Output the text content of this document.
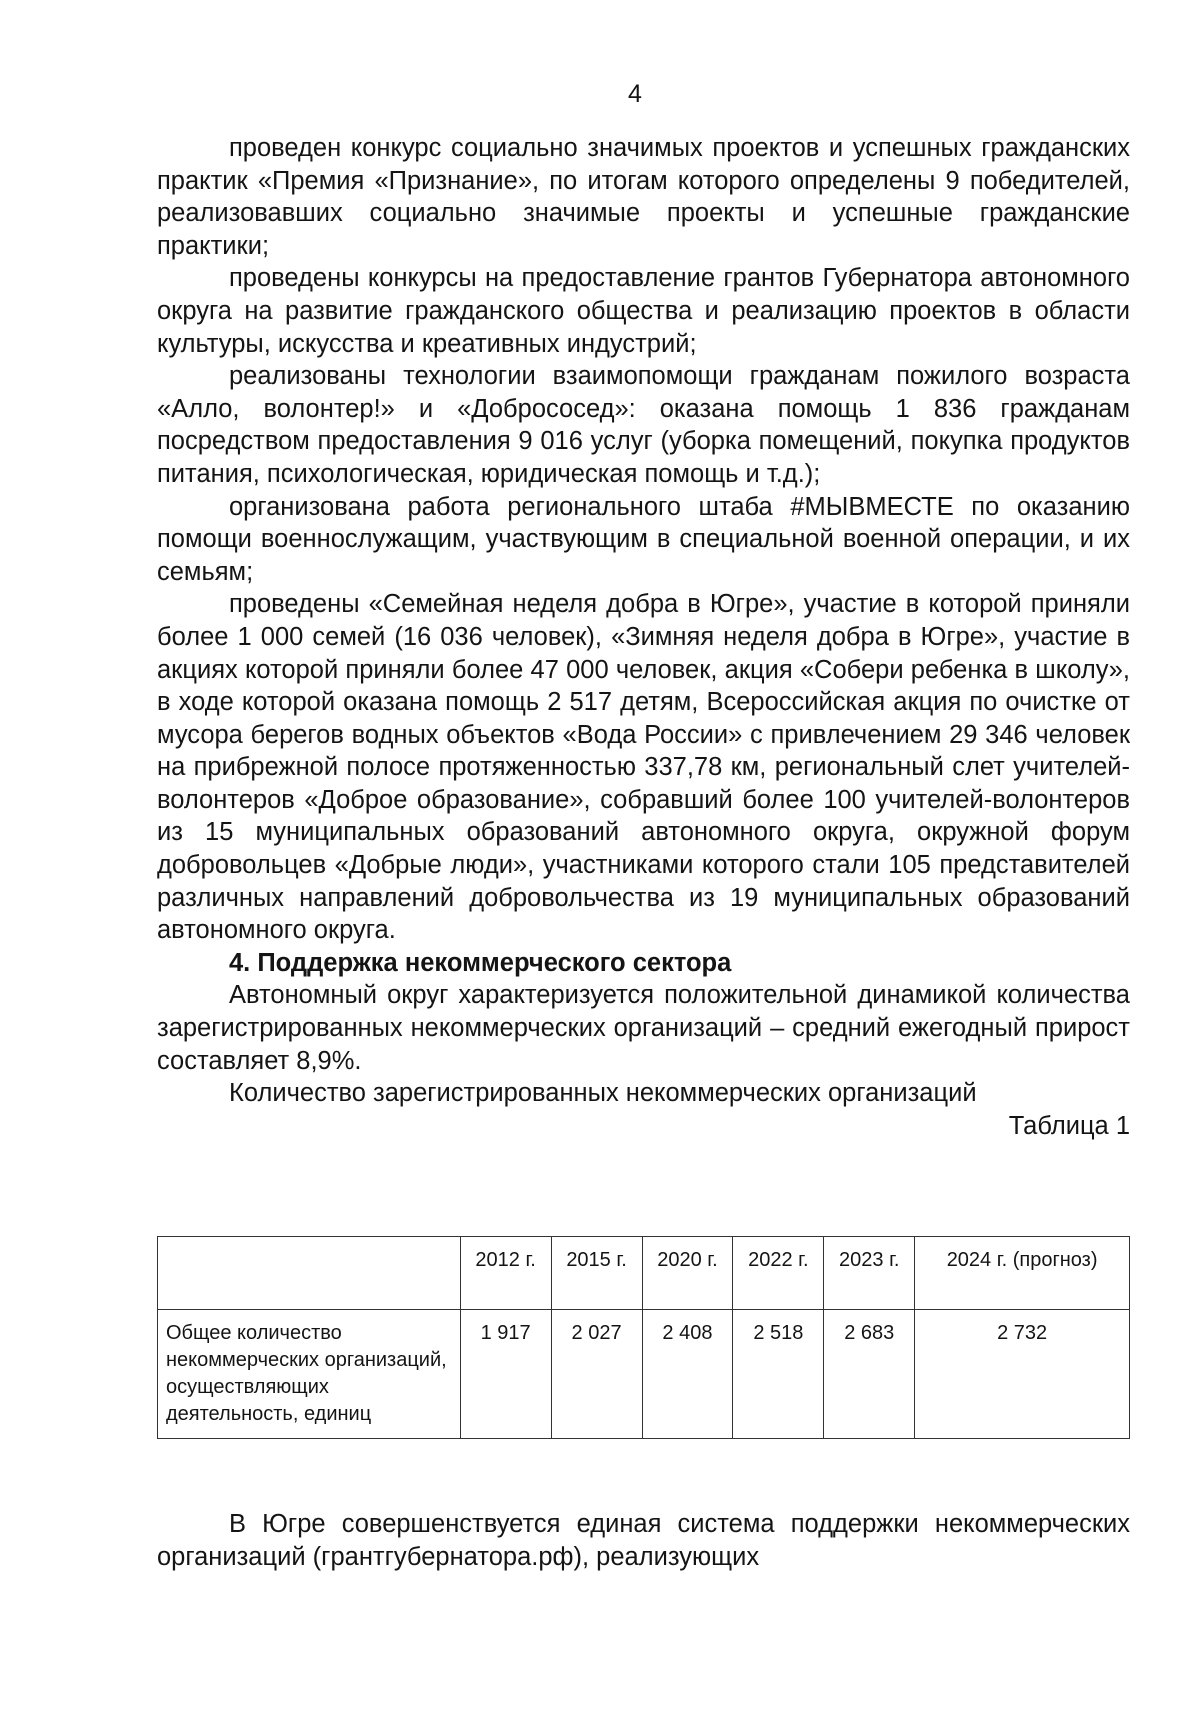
4

проведен конкурс социально значимых проектов и успешных гражданских практик «Премия «Признание», по итогам которого определены 9 победителей, реализовавших социально значимые проекты и успешные гражданские практики;

проведены конкурсы на предоставление грантов Губернатора автономного округа на развитие гражданского общества и реализацию проектов в области культуры, искусства и креативных индустрий;

реализованы технологии взаимопомощи гражданам пожилого возраста «Алло, волонтер!» и «Добрососед»: оказана помощь 1 836 гражданам посредством предоставления 9 016 услуг (уборка помещений, покупка продуктов питания, психологическая, юридическая помощь и т.д.);

организована работа регионального штаба #МЫВМЕСТЕ по оказанию помощи военнослужащим, участвующим в специальной военной операции, и их семьям;

проведены «Семейная неделя добра в Югре», участие в которой приняли более 1 000 семей (16 036 человек), «Зимняя неделя добра в Югре», участие в акциях которой приняли более 47 000 человек, акция «Собери ребенка в школу», в ходе которой оказана помощь 2 517 детям, Всероссийская акция по очистке от мусора берегов водных объектов «Вода России» с привлечением 29 346 человек на прибрежной полосе протяженностью 337,78 км, региональный слет учителей-волонтеров «Доброе образование», собравший более 100 учителей-волонтеров из 15 муниципальных образований автономного округа, окружной форум добровольцев «Добрые люди», участниками которого стали 105 представителей различных направлений добровольчества из 19 муниципальных образований автономного округа.

4. Поддержка некоммерческого сектора

Автономный округ характеризуется положительной динамикой количества зарегистрированных некоммерческих организаций – средний ежегодный прирост составляет 8,9%.

Количество зарегистрированных некоммерческих организаций

Таблица 1

	2012 г.	2015 г.	2020 г.	2022 г.	2023 г.	2024 г. (прогноз)
Общее количество некоммерческих организаций, осуществляющих деятельность, единиц	1 917	2 027	2 408	2 518	2 683	2 732

В Югре совершенствуется единая система поддержки некоммерческих организаций (грантгубернатора.рф), реализующих
